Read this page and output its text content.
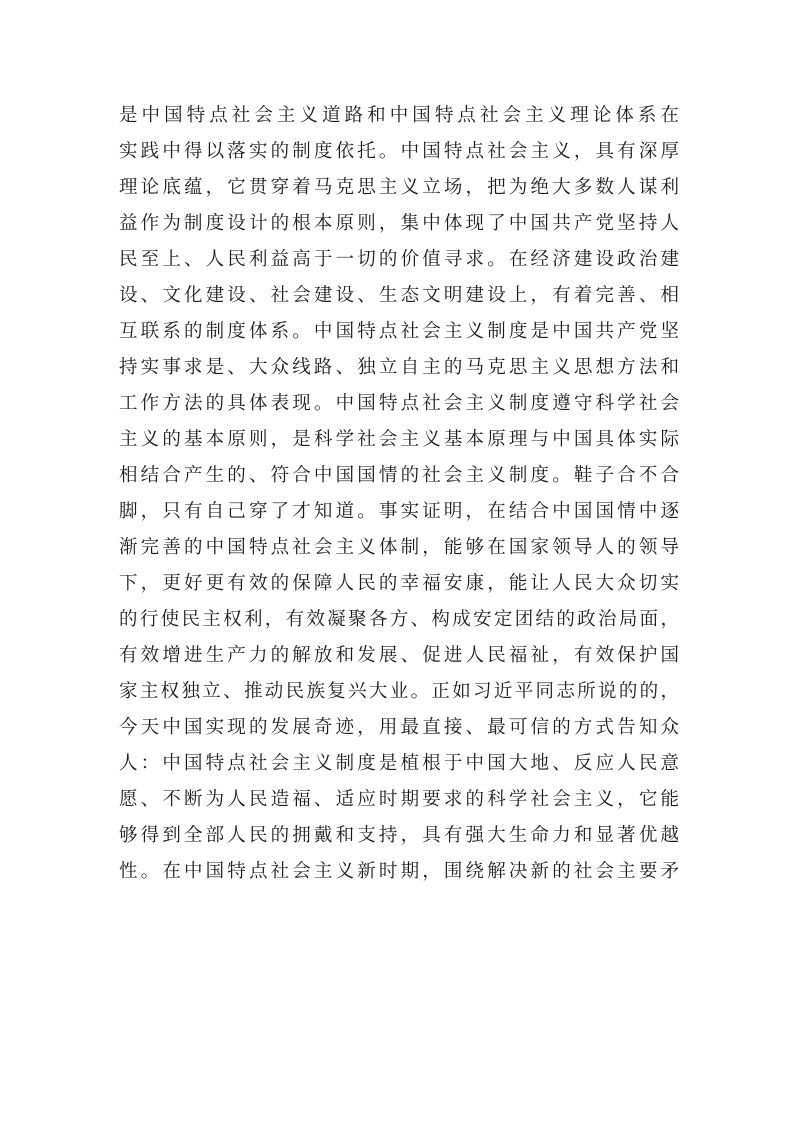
是中国特点社会主义道路和中国特点社会主义理论体系在
实践中得以落实的制度依托。中国特点社会主义，具有深厚
理论底蕴，它贯穿着马克思主义立场，把为绝大多数人谋利
益作为制度设计的根本原则，集中体现了中国共产党坚持人
民至上、人民利益高于一切的价值寻求。在经济建设政治建
设、文化建设、社会建设、生态文明建设上，有着完善、相
互联系的制度体系。中国特点社会主义制度是中国共产党坚
持实事求是、大众线路、独立自主的马克思主义思想方法和
工作方法的具体表现。中国特点社会主义制度遵守科学社会
主义的基本原则，是科学社会主义基本原理与中国具体实际
相结合产生的、符合中国国情的社会主义制度。鞋子合不合
脚，只有自己穿了才知道。事实证明，在结合中国国情中逐
渐完善的中国特点社会主义体制，能够在国家领导人的领导
下，更好更有效的保障人民的幸福安康，能让人民大众切实
的行使民主权利，有效凝聚各方、构成安定团结的政治局面，
有效增进生产力的解放和发展、促进人民福祉，有效保护国
家主权独立、推动民族复兴大业。正如习近平同志所说的的，
今天中国实现的发展奇迹，用最直接、最可信的方式告知众
人：中国特点社会主义制度是植根于中国大地、反应人民意
愿、不断为人民造福、适应时期要求的科学社会主义，它能
够得到全部人民的拥戴和支持，具有强大生命力和显著优越
性。在中国特点社会主义新时期，围绕解决新的社会主要矛
